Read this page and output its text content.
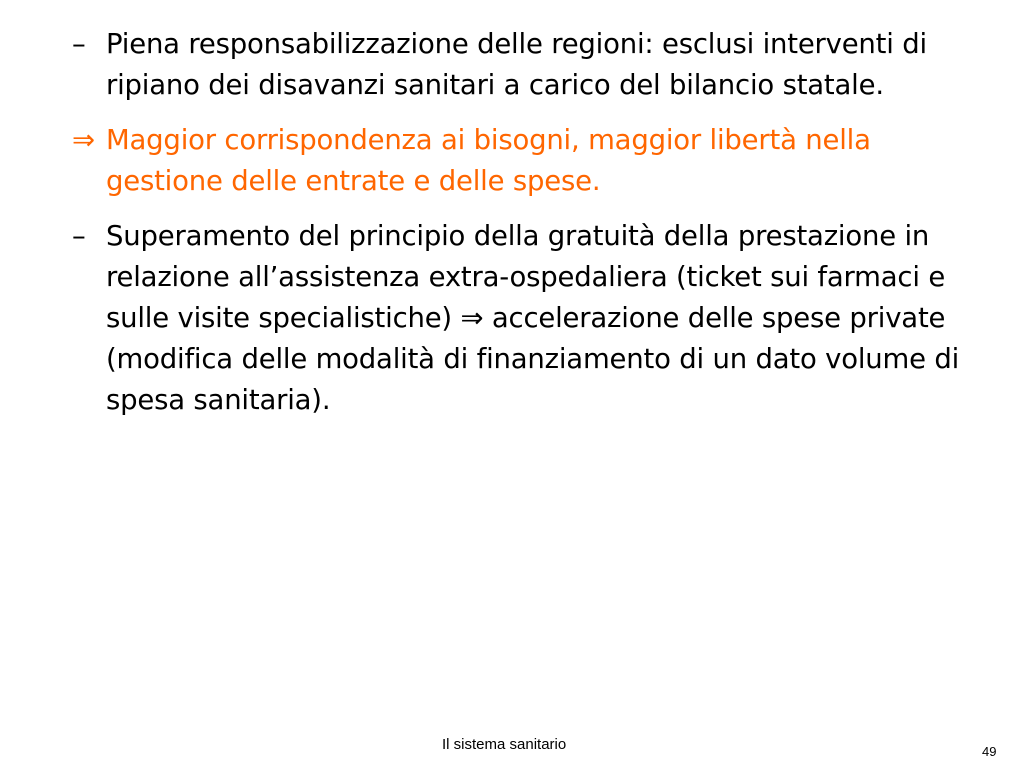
– Piena responsabilizzazione delle regioni: esclusi interventi di ripiano dei disavanzi sanitari a carico del bilancio statale.
⇒ Maggior corrispondenza ai bisogni, maggior libertà nella gestione delle entrate e delle spese.
– Superamento del principio della gratuità della prestazione in relazione all’assistenza extra-ospedaliera (ticket sui farmaci e sulle visite specialistiche) ⇒ accelerazione delle spese private (modifica delle modalità di finanziamento di un dato volume di spesa sanitaria).
Il sistema sanitario	49
